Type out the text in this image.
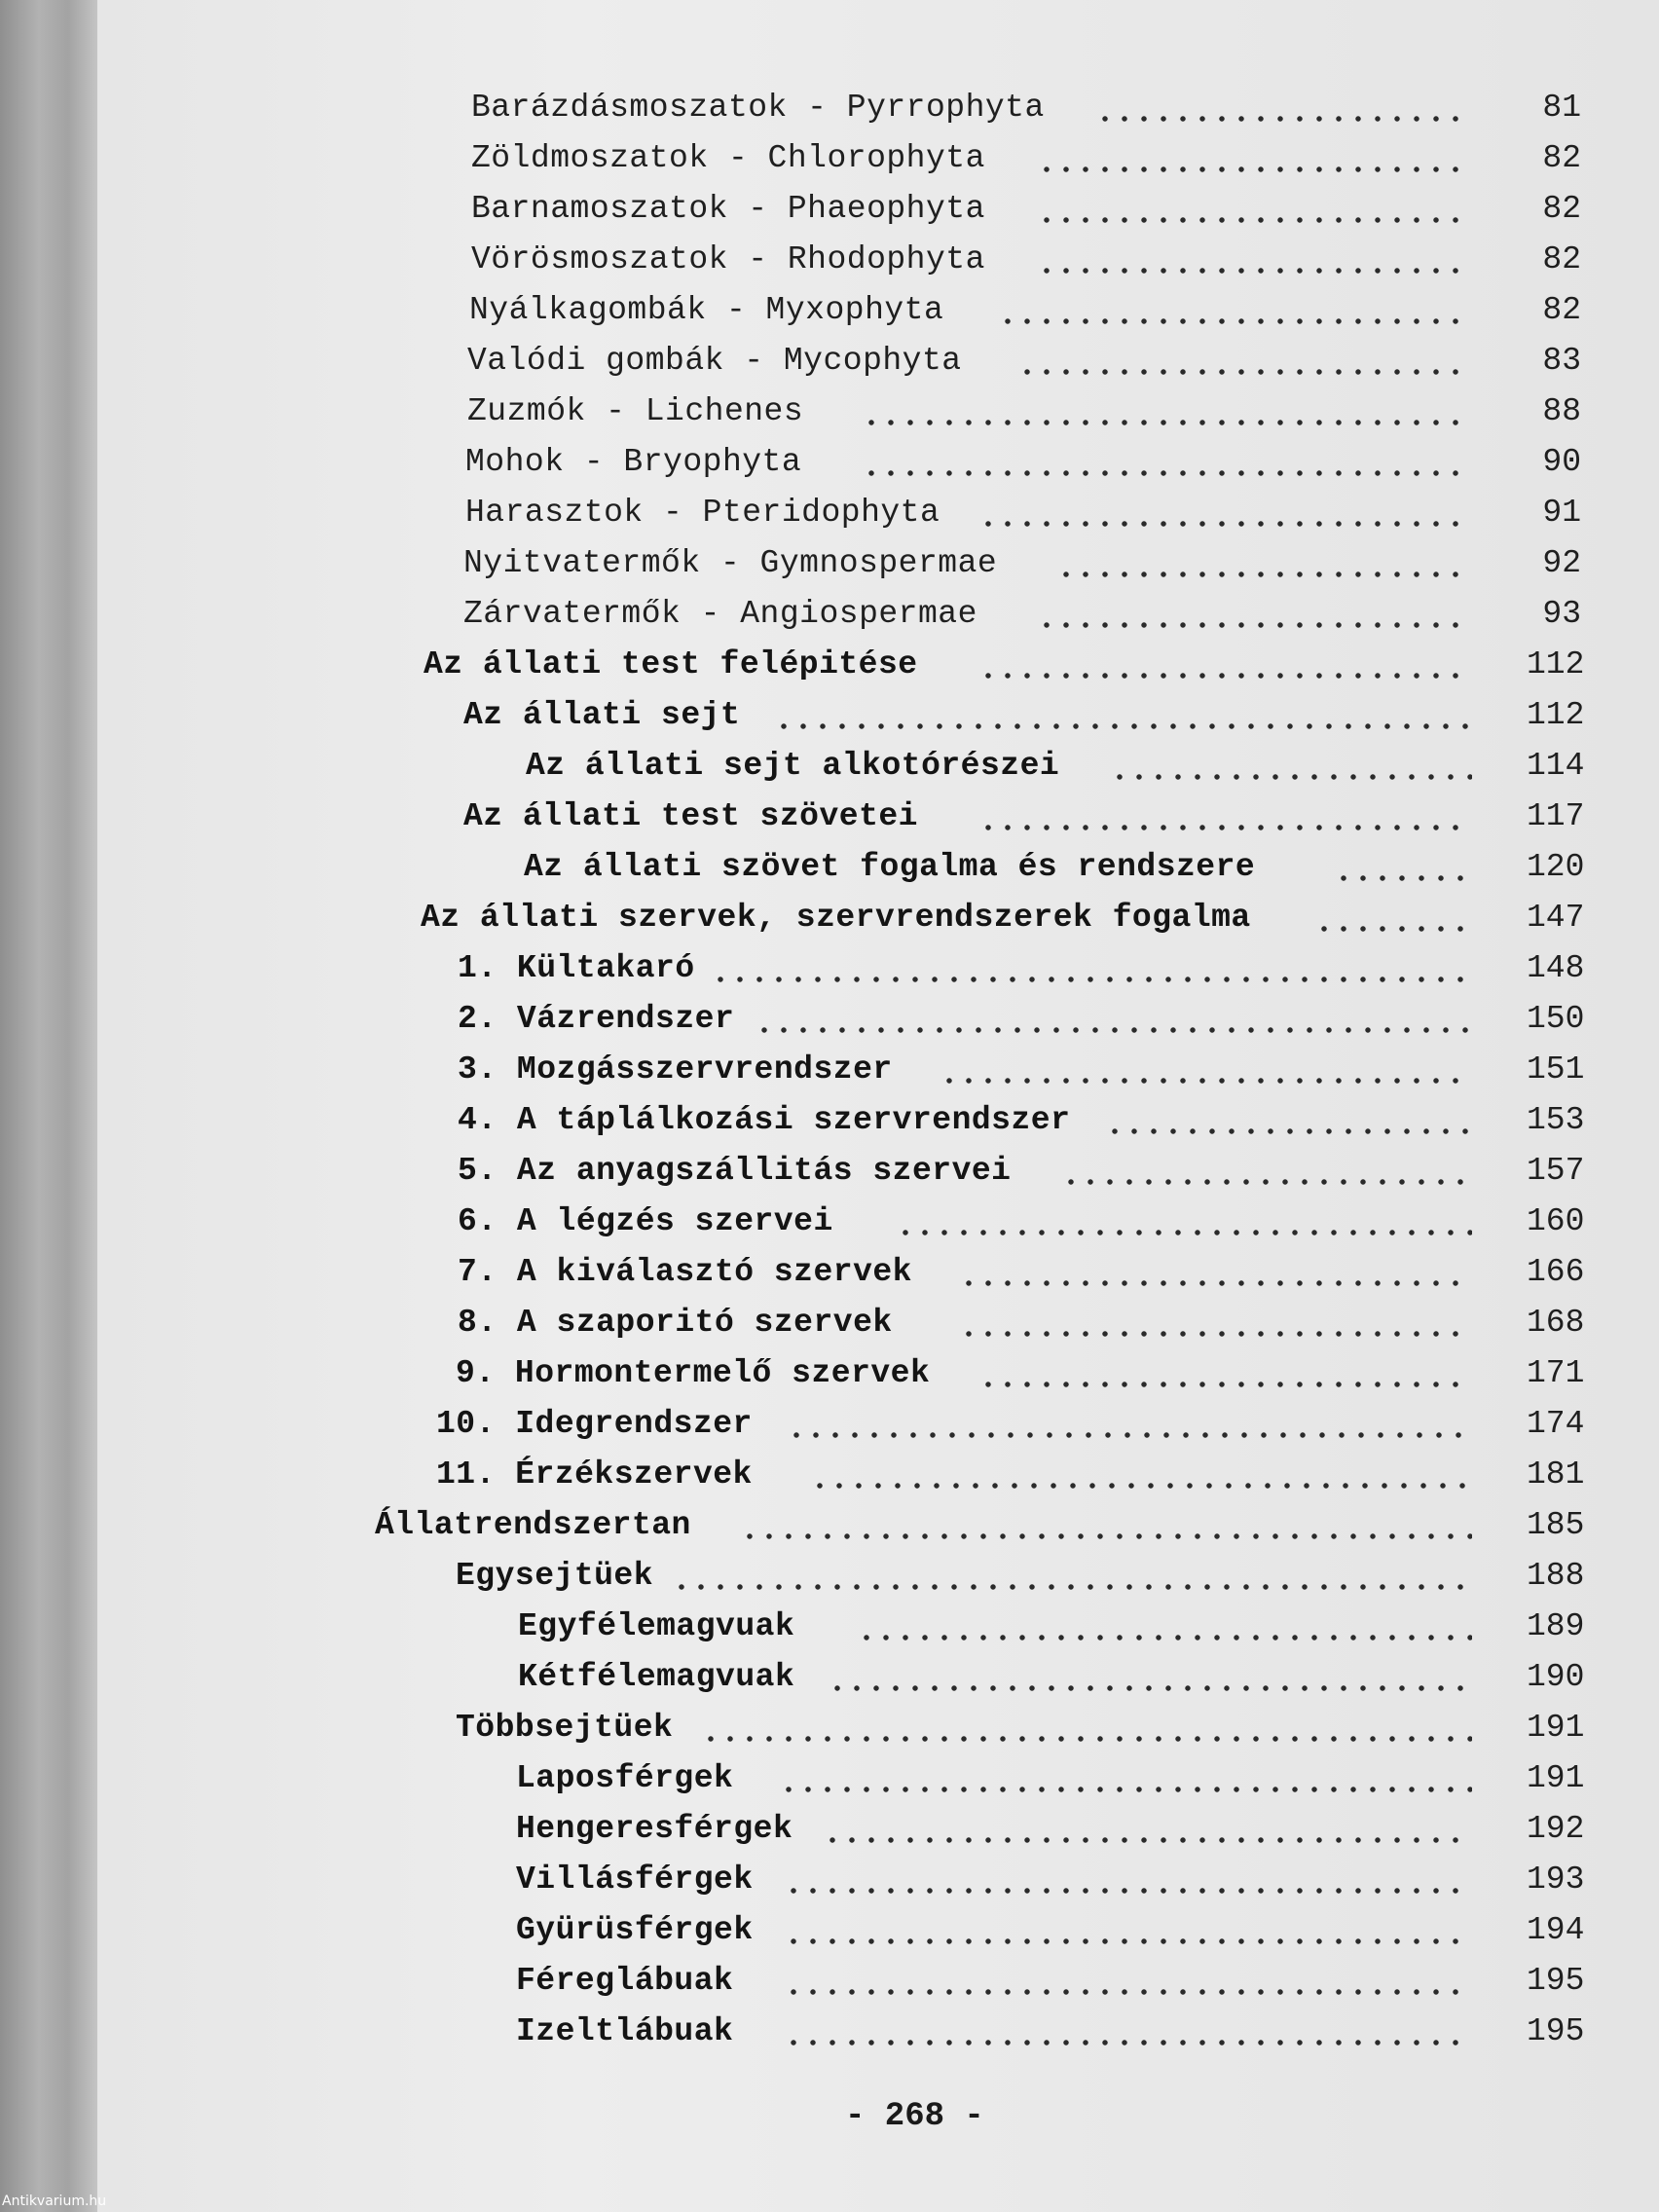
Barázdásmoszatok - Pyrrophyta	81
Zöldmoszatok - Chlorophyta	82
Barnamoszatok - Phaeophyta	82
Vörösmoszatok - Rhodophyta	82
Nyálkagombák - Myxophyta	82
Valódi gombák - Mycophyta	83
Zuzmók - Lichenes	88
Mohok - Bryophyta	90
Harasztok - Pteridophyta	91
Nyitvatermők - Gymnospermae	92
Zárvatermők - Angiospermae	93
Az állati test felépitése	112
Az állati sejt	112
Az állati sejt alkotórészei	114
Az állati test szövetei	117
Az állati szövet fogalma és rendszere	120
Az állati szervek, szervrendszerek fogalma	147
1. Kültakaró	148
2. Vázrendszer	150
3. Mozgásszervrendszer	151
4. A táplálkozási szervrendszer	153
5. Az anyagszállitás szervei	157
6. A légzés szervei	160
7. A kiválasztó szervek	166
8. A szaporitó szervek	168
9. Hormontermelő szervek	171
10. Idegrendszer	174
11. Érzékszervek	181
Állatrendszertan	185
Egysejtüek	188
Egyfélemagvuak	189
Kétfélemagvuak	190
Többsejtüek	191
Laposférgek	191
Hengeresférgek	192
Villásférgek	193
Gyürüsférgek	194
Féreglábuak	195
Izeltlábuak	195
- 268 -
Antikvarium.hu
